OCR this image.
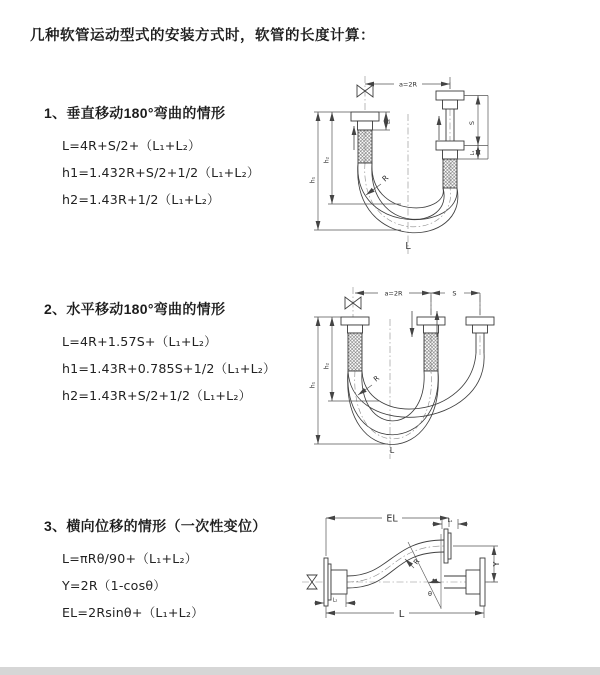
几种软管运动型式的安装方式时，软管的长度计算：
1、垂直移动180°弯曲的情形
L=4R+S/2+（L₁+L₂）
h1=1.432R+S/2+1/2（L₁+L₂）
h2=1.43R+1/2（L₁+L₂）
a=2R
S
L₁
L₁
h₁
h₂
R
L
2、水平移动180°弯曲的情形
L=4R+1.57S+（L₁+L₂）
h1=1.43R+0.785S+1/2（L₁+L₂）
h2=1.43R+S/2+1/2（L₁+L₂）
a=2R	S
h₁
h₂
R
L
3、横向位移的情形（一次性变位）
L=πRθ/90+（L₁+L₂）
Y=2R（1-cosθ）
EL=2Rsinθ+（L₁+L₂）
EL	L₁
Y
R
θ
L
L₂
